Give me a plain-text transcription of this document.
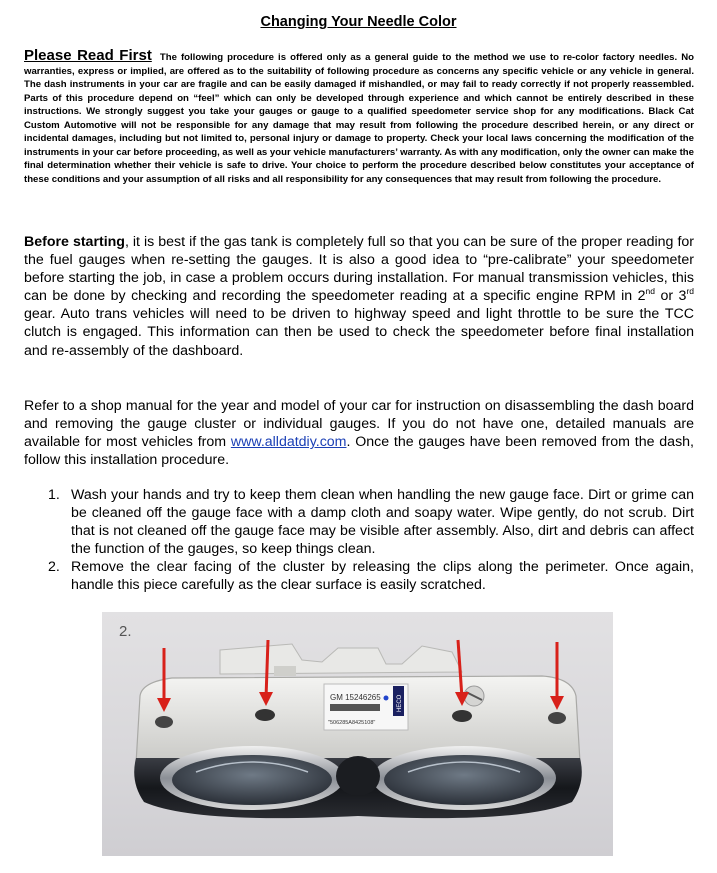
Changing Your Needle Color
Please Read First The following procedure is offered only as a general guide to the method we use to re-color factory needles. No warranties, express or implied, are offered as to the suitability of following procedure as concerns any specific vehicle or any vehicle in general. The dash instruments in your car are fragile and can be easily damaged if mishandled, or may fail to ready correctly if not properly reassembled. Parts of this procedure depend on “feel” which can only be developed through experience and which cannot be entirely described in these instructions. We strongly suggest you take your gauges or gauge to a qualified speedometer service shop for any modifications. Black Cat Custom Automotive will not be responsible for any damage that may result from following the procedure described herein, or any direct or incidental damages, including but not limited to, personal injury or damage to property. Check your local laws concerning the modification of the instruments in your car before proceeding, as well as your vehicle manufacturers’ warranty. As with any modification, only the owner can make the final determination whether their vehicle is safe to drive. Your choice to perform the procedure described below constitutes your acceptance of these conditions and your assumption of all risks and all responsibility for any consequences that may result from following the procedure.
Before starting, it is best if the gas tank is completely full so that you can be sure of the proper reading for the fuel gauges when re-setting the gauges. It is also a good idea to “pre-calibrate” your speedometer before starting the job, in case a problem occurs during installation. For manual transmission vehicles, this can be done by checking and recording the speedometer reading at a specific engine RPM in 2nd or 3rd gear. Auto trans vehicles will need to be driven to highway speed and light throttle to be sure the TCC clutch is engaged. This information can then be used to check the speedometer before final installation and re-assembly of the dashboard.
Refer to a shop manual for the year and model of your car for instruction on disassembling the dash board and removing the gauge cluster or individual gauges. If you do not have one, detailed manuals are available for most vehicles from www.alldatdiy.com. Once the gauges have been removed from the dash, follow this installation procedure.
1. Wash your hands and try to keep them clean when handling the new gauge face. Dirt or grime can be cleaned off the gauge face with a damp cloth and soapy water. Wipe gently, do not scrub. Dirt that is not cleaned off the gauge face may be visible after assembly. Also, dirt and debris can affect the function of the gauges, so keep things clean.
2. Remove the clear facing of the cluster by releasing the clips along the perimeter. Once again, handle this piece carefully as the clear surface is easily scratched.
GM 15246265
"506285A8425108"
HECO
2.
